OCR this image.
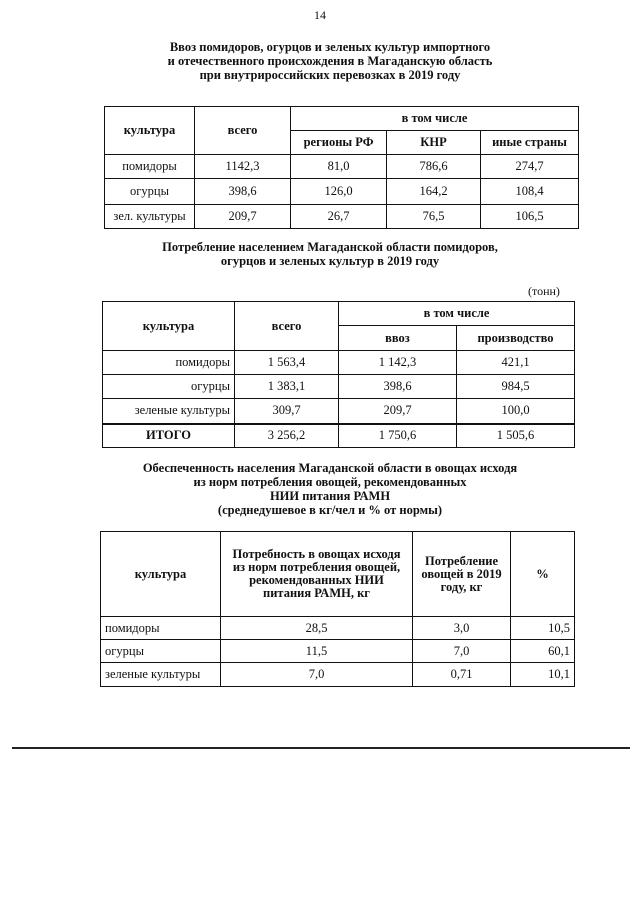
14
Ввоз помидоров, огурцов и зеленых культур импортного
и отечественного происхождения в Магаданскую область
при внутрироссийских перевозках в 2019 году
культура	всего	в том числе		
		регионы РФ	КНР	иные страны
помидоры	1142,3	81,0	786,6	274,7
огурцы	398,6	126,0	164,2	108,4
зел. культуры	209,7	26,7	76,5	106,5
Потребление населением Магаданской области помидоров,
огурцов и зеленых культур в 2019 году
(тонн)
культура	всего	в том числе	
		ввоз	производство
помидоры	1 563,4	1 142,3	421,1
огурцы	1 383,1	398,6	984,5
зеленые культуры	309,7	209,7	100,0
ИТОГО	3 256,2	1 750,6	1 505,6
Обеспеченность населения Магаданской области в овощах исходя
из норм потребления овощей, рекомендованных
НИИ питания РАМН
(среднедушевое в кг/чел и % от нормы)
культура	Потребность в овощах исходя из норм потребления овощей, рекомендованных НИИ питания РАМН, кг	Потребление овощей в 2019 году, кг	%
помидоры	28,5	3,0	10,5
огурцы	11,5	7,0	60,1
зеленые культуры	7,0	0,71	10,1
